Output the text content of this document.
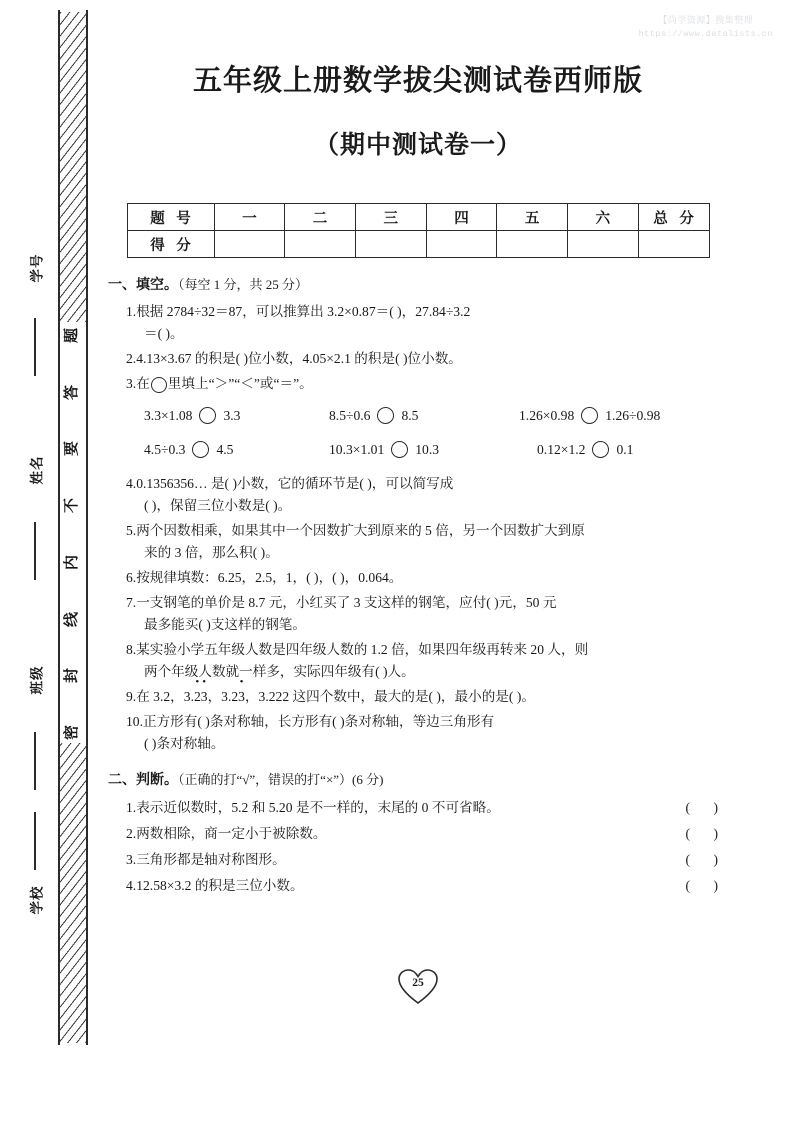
【尚学资源】搜集整理
https://www.datalists.cn
学号
姓名
班级
学校
题
答
要
不
内
线
封
密
五年级上册数学拔尖测试卷西师版
（期中测试卷一）
题 号	一	二	三	四	五	六	总 分
得 分							
一、填空。（每空 1 分，共 25 分）
1.根据 2784÷32＝87，可以推算出 3.2×0.87＝( )，27.84÷3.2
＝( )。
2.4.13×3.67 的积是( )位小数，4.05×2.1 的积是( )位小数。
3.在 里填上“＞”“＜”或“＝”。
3.3×1.08 3.3	8.5÷0.6 8.5	1.26×0.98 1.26÷0.98
4.5÷0.3 4.5	10.3×1.01 10.3	0.12×1.2 0.1
4.0.1356356… 是( )小数，它的循环节是( )，可以简写成
( )，保留三位小数是( )。
5.两个因数相乘，如果其中一个因数扩大到原来的 5 倍，另一个因数扩大到原
来的 3 倍，那么积( )。
6.按规律填数：6.25，2.5，1，( )，( )，0.064。
7.一支钢笔的单价是 8.7 元，小红买了 3 支这样的钢笔，应付( )元，50 元
最多能买( )支这样的钢笔。
8.某实验小学五年级人数是四年级人数的 1.2 倍，如果四年级再转来 20 人，则
两个年级人数就一样多，实际四年级有( )人。
9.在 3.2，3.2 •3 •，3.23 •，3.222 这四个数中，最大的是( )，最小的是( )。
10.正方形有( )条对称轴，长方形有( )条对称轴，等边三角形有
( )条对称轴。
二、判断。（正确的打“√”，错误的打“×”）(6 分)
1.表示近似数时，5.2 和 5.20 是不一样的，末尾的 0 不可省略。	( )
2.两数相除，商一定小于被除数。	( )
3.三角形都是轴对称图形。	( )
4.12.58×3.2 的积是三位小数。	( )
25
